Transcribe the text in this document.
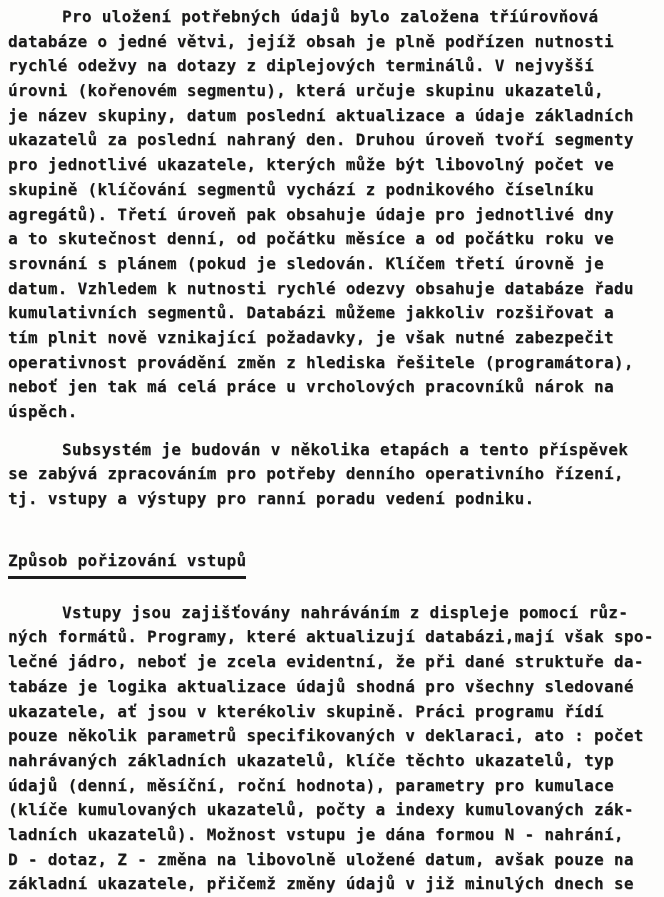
Pro uložení potřebných údajů bylo založena tříúrovňová
databáze o jedné větvi, jejíž obsah je plně podřízen nutnosti
rychlé odežvy na dotazy z diplejových terminálů. V nejvyšší
úrovni (kořenovém segmentu), která určuje skupinu ukazatelů,
je název skupiny, datum poslední aktualizace a údaje základních
ukazatelů za poslední nahraný den. Druhou úroveň tvoří segmenty
pro jednotlivé ukazatele, kterých může být libovolný počet ve
skupině (klíčování segmentů vychází z podnikového číselníku
agregátů). Třetí úroveň pak obsahuje údaje pro jednotlivé dny
a to skutečnost denní, od počátku měsíce a od počátku roku ve
srovnání s plánem (pokud je sledován. Klíčem třetí úrovně je
datum. Vzhledem k nutnosti rychlé odezvy obsahuje databáze řadu
kumulativních segmentů. Databázi můžeme jakkoliv rozšiřovat a
tím plnit nově vznikající požadavky, je však nutné zabezpečit
operativnost provádění změn z hlediska řešitele (programátora),
neboť jen tak má celá práce u vrcholových pracovníků nárok na
úspěch.
Subsystém je budován v několika etapách a tento příspěvek
se zabývá zpracováním pro potřeby denního operativního řízení,
tj. vstupy a výstupy pro ranní poradu vedení podniku.
Způsob pořizování vstupů
Vstupy jsou zajišťovány nahráváním z displeje pomocí růz-
ných formátů. Programy, které aktualizují databázi,mají však spo-
lečné jádro, neboť je zcela evidentní, že při dané struktuře da-
tabáze je logika aktualizace údajů shodná pro všechny sledované
ukazatele, ať jsou v kterékoliv skupině. Práci programu řídí
pouze několik parametrů specifikovaných v deklaraci, ato : počet
nahrávaných základních ukazatelů, klíče těchto ukazatelů, typ
údajů (denní, měsíční, roční hodnota), parametry pro kumulace
(klíče kumulovaných ukazatelů, počty a indexy kumulovaných zák-
ladních ukazatelů). Možnost vstupu je dána formou N - nahrání,
D - dotaz, Z - změna na libovolně uložené datum, avšak pouze na
základní ukazatele, přičemž změny údajů v již minulých dnech se
